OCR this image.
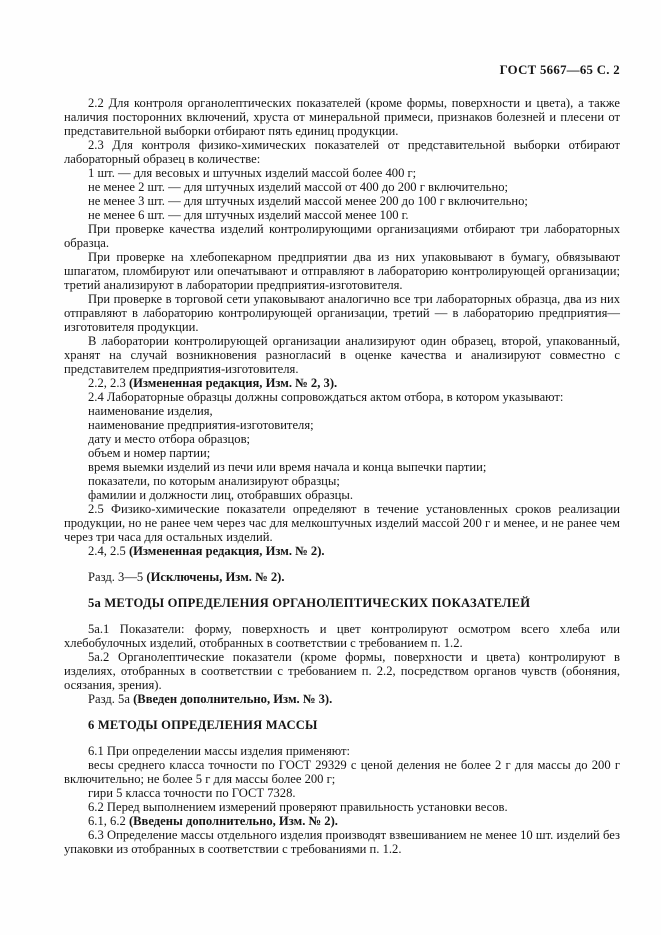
ГОСТ 5667—65 С. 2

2.2 Для контроля органолептических показателей (кроме формы, поверхности и цвета), а также наличия посторонних включений, хруста от минеральной примеси, признаков болезней и плесени от представительной выборки отбирают пять единиц продукции.

2.3 Для контроля физико-химических показателей от представительной выборки отбирают лабораторный образец в количестве:

1 шт. — для весовых и штучных изделий массой более 400 г;

не менее 2 шт. — для штучных изделий массой от 400 до 200 г включительно;

не менее 3 шт. — для штучных изделий массой менее 200 до 100 г включительно;

не менее 6 шт. — для штучных изделий массой менее 100 г.

При проверке качества изделий контролирующими организациями отбирают три лабораторных образца.

При проверке на хлебопекарном предприятии два из них упаковывают в бумагу, обвязывают шпагатом, пломбируют или опечатывают и отправляют в лабораторию контролирующей организации; третий анализируют в лаборатории предприятия-изготовителя.

При проверке в торговой сети упаковывают аналогично все три лабораторных образца, два из них отправляют в лабораторию контролирующей организации, третий — в лабораторию предприятия—изготовителя продукции.

В лаборатории контролирующей организации анализируют один образец, второй, упакованный, хранят на случай возникновения разногласий в оценке качества и анализируют совместно с представителем предприятия-изготовителя.

2.2, 2.3 (Измененная редакция, Изм. № 2, 3).

2.4 Лабораторные образцы должны сопровождаться актом отбора, в котором указывают:

наименование изделия,

наименование предприятия-изготовителя;

дату и место отбора образцов;

объем и номер партии;

время выемки изделий из печи или время начала и конца выпечки партии;

показатели, по которым анализируют образцы;

фамилии и должности лиц, отобравших образцы.

2.5 Физико-химические показатели определяют в течение установленных сроков реализации продукции, но не ранее чем через час для мелкоштучных изделий массой 200 г и менее, и не ранее чем через три часа для остальных изделий.

2.4, 2.5 (Измененная редакция, Изм. № 2).

Разд. 3—5 (Исключены, Изм. № 2).

5а МЕТОДЫ ОПРЕДЕЛЕНИЯ ОРГАНОЛЕПТИЧЕСКИХ ПОКАЗАТЕЛЕЙ

5а.1 Показатели: форму, поверхность и цвет контролируют осмотром всего хлеба или хлебобулочных изделий, отобранных в соответствии с требованием п. 1.2.

5а.2 Органолептические показатели (кроме формы, поверхности и цвета) контролируют в изделиях, отобранных в соответствии с требованием п. 2.2, посредством органов чувств (обоняния, осязания, зрения).

Разд. 5а (Введен дополнительно, Изм. № 3).

6 МЕТОДЫ ОПРЕДЕЛЕНИЯ МАССЫ

6.1 При определении массы изделия применяют:

весы среднего класса точности по ГОСТ 29329 с ценой деления не более 2 г для массы до 200 г включительно; не более 5 г для массы более 200 г;

гири 5 класса точности по ГОСТ 7328.

6.2 Перед выполнением измерений проверяют правильность установки весов.

6.1, 6.2 (Введены дополнительно, Изм. № 2).

6.3 Определение массы отдельного изделия производят взвешиванием не менее 10 шт. изделий без упаковки из отобранных в соответствии с требованиями п. 1.2.
